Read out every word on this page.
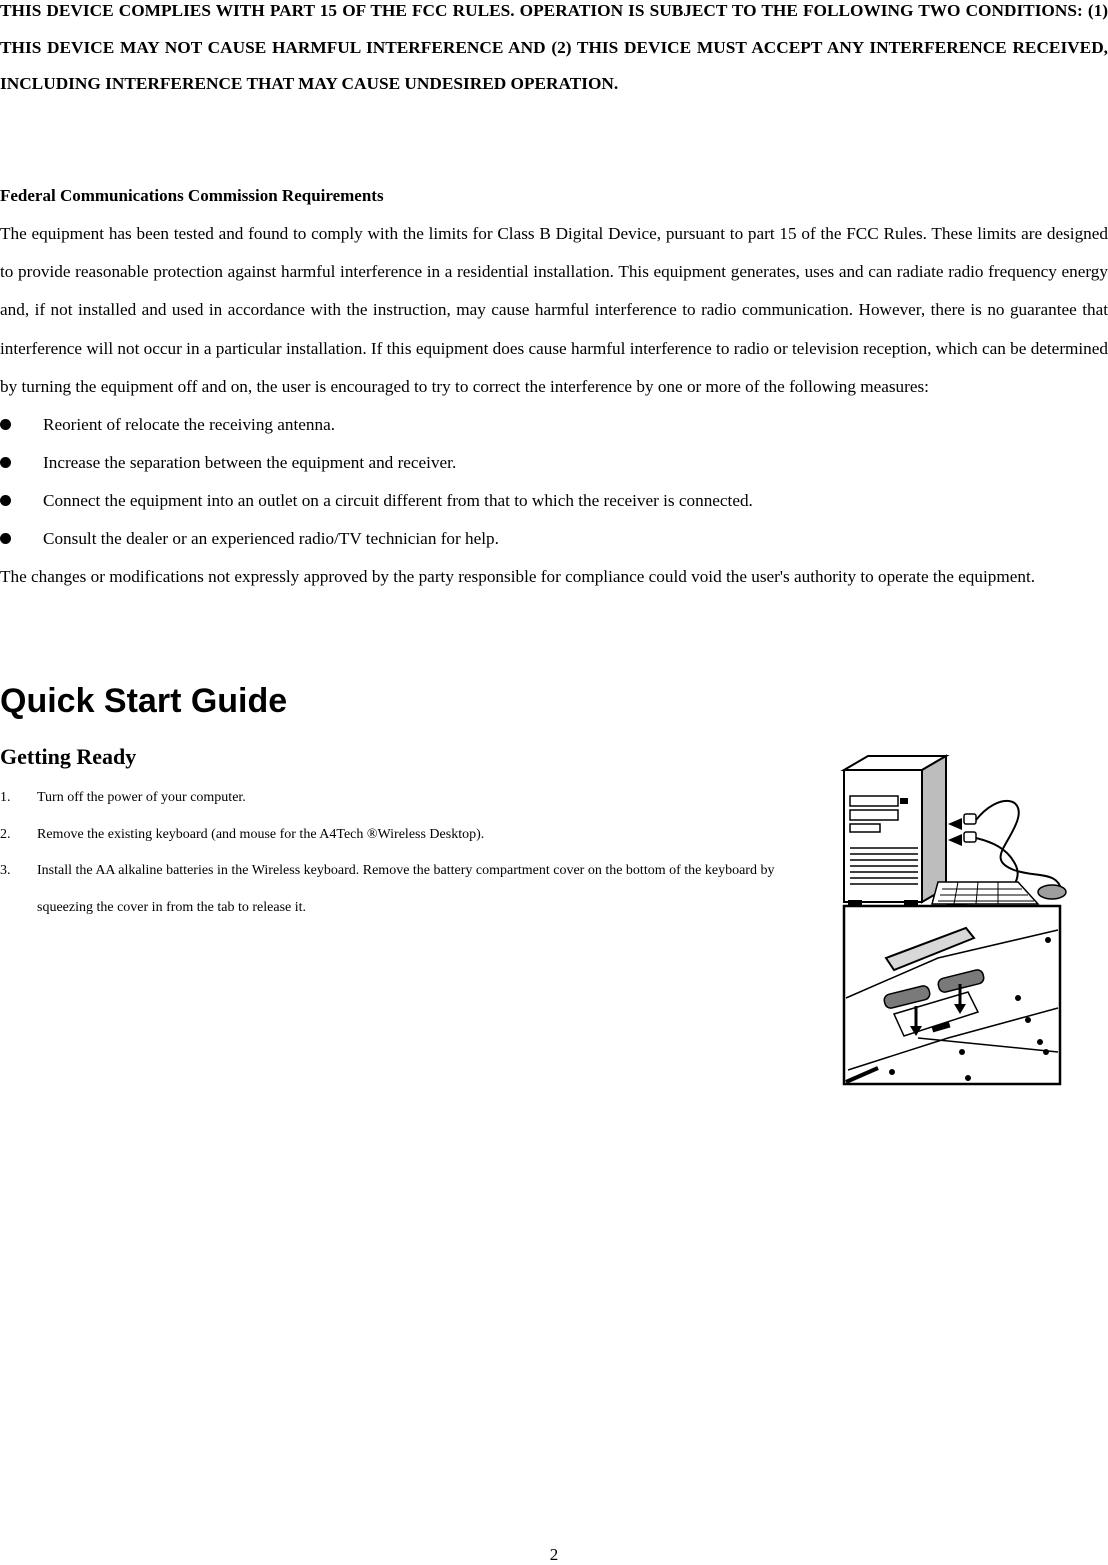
THIS DEVICE COMPLIES WITH PART 15 OF THE FCC RULES. OPERATION IS SUBJECT TO THE FOLLOWING TWO CONDITIONS: (1) THIS DEVICE MAY NOT CAUSE HARMFUL INTERFERENCE AND (2) THIS DEVICE MUST ACCEPT ANY INTERFERENCE RECEIVED, INCLUDING INTERFERENCE THAT MAY CAUSE UNDESIRED OPERATION.

Federal Communications Commission Requirements

The equipment has been tested and found to comply with the limits for Class B Digital Device, pursuant to part 15 of the FCC Rules. These limits are designed to provide reasonable protection against harmful interference in a residential installation. This equipment generates, uses and can radiate radio frequency energy and, if not installed and used in accordance with the instruction, may cause harmful interference to radio communication. However, there is no guarantee that interference will not occur in a particular installation. If this equipment does cause harmful interference to radio or television reception, which can be determined by turning the equipment off and on, the user is encouraged to try to correct the interference by one or more of the following measures:

Reorient of relocate the receiving antenna.
Increase the separation between the equipment and receiver.
Connect the equipment into an outlet on a circuit different from that to which the receiver is connected.
Consult the dealer or an experienced radio/TV technician for help.

The changes or modifications not expressly approved by the party responsible for compliance could void the user's authority to operate the equipment.

Quick Start Guide
Getting Ready
1. Turn off the power of your computer.
2. Remove the existing keyboard (and mouse for the A4Tech ®Wireless Desktop).
3. Install the AA alkaline batteries in the Wireless keyboard. Remove the battery compartment cover on the bottom of the keyboard by squeezing the cover in from the tab to release it.
2
